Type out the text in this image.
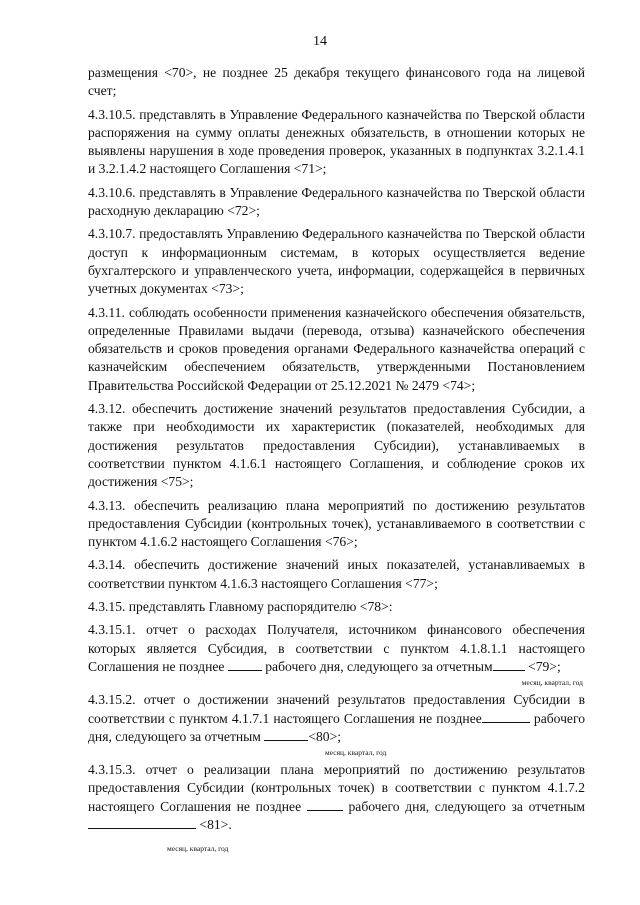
14

размещения <70>, не позднее 25 декабря текущего финансового года на лицевой счет;

4.3.10.5. представлять в Управление Федерального казначейства по Тверской области распоряжения на сумму оплаты денежных обязательств, в отношении которых не выявлены нарушения в ходе проведения проверок, указанных в подпунктах 3.2.1.4.1 и 3.2.1.4.2 настоящего Соглашения <71>;

4.3.10.6. представлять в Управление Федерального казначейства по Тверской области расходную декларацию <72>;

4.3.10.7. предоставлять Управлению Федерального казначейства по Тверской области доступ к информационным системам, в которых осуществляется ведение бухгалтерского и управленческого учета, информации, содержащейся в первичных учетных документах <73>;

4.3.11. соблюдать особенности применения казначейского обеспечения обязательств, определенные Правилами выдачи (перевода, отзыва) казначейского обеспечения обязательств и сроков проведения органами Федерального казначейства операций с казначейским обеспечением обязательств, утвержденными Постановлением Правительства Российской Федерации от 25.12.2021 № 2479 <74>;

4.3.12. обеспечить достижение значений результатов предоставления Субсидии, а также при необходимости их характеристик (показателей, необходимых для достижения результатов предоставления Субсидии), устанавливаемых в соответствии пунктом 4.1.6.1 настоящего Соглашения, и соблюдение сроков их достижения <75>;

4.3.13. обеспечить реализацию плана мероприятий по достижению результатов предоставления Субсидии (контрольных точек), устанавливаемого в соответствии с пунктом 4.1.6.2 настоящего Соглашения <76>;

4.3.14. обеспечить достижение значений иных показателей, устанавливаемых в соответствии пунктом 4.1.6.3 настоящего Соглашения <77>;

4.3.15. представлять Главному распорядителю <78>:

4.3.15.1. отчет о расходах Получателя, источником финансового обеспечения которых является Субсидия, в соответствии с пунктом 4.1.8.1.1 настоящего Соглашения не позднее	рабочего дня, следующего за отчетным	<79>;

месяц, квартал, год

4.3.15.2. отчет о достижении значений результатов предоставления Субсидии в соответствии с пунктом 4.1.7.1 настоящего Соглашения не позднее	рабочего дня, следующего за отчетным	<80>;

месяц, квартал, год

4.3.15.3. отчет о реализации плана мероприятий по достижению результатов предоставления Субсидии (контрольных точек) в соответствии с пунктом 4.1.7.2 настоящего Соглашения не позднее	рабочего дня, следующего за отчетным  <81>.

месяц, квартал, год
